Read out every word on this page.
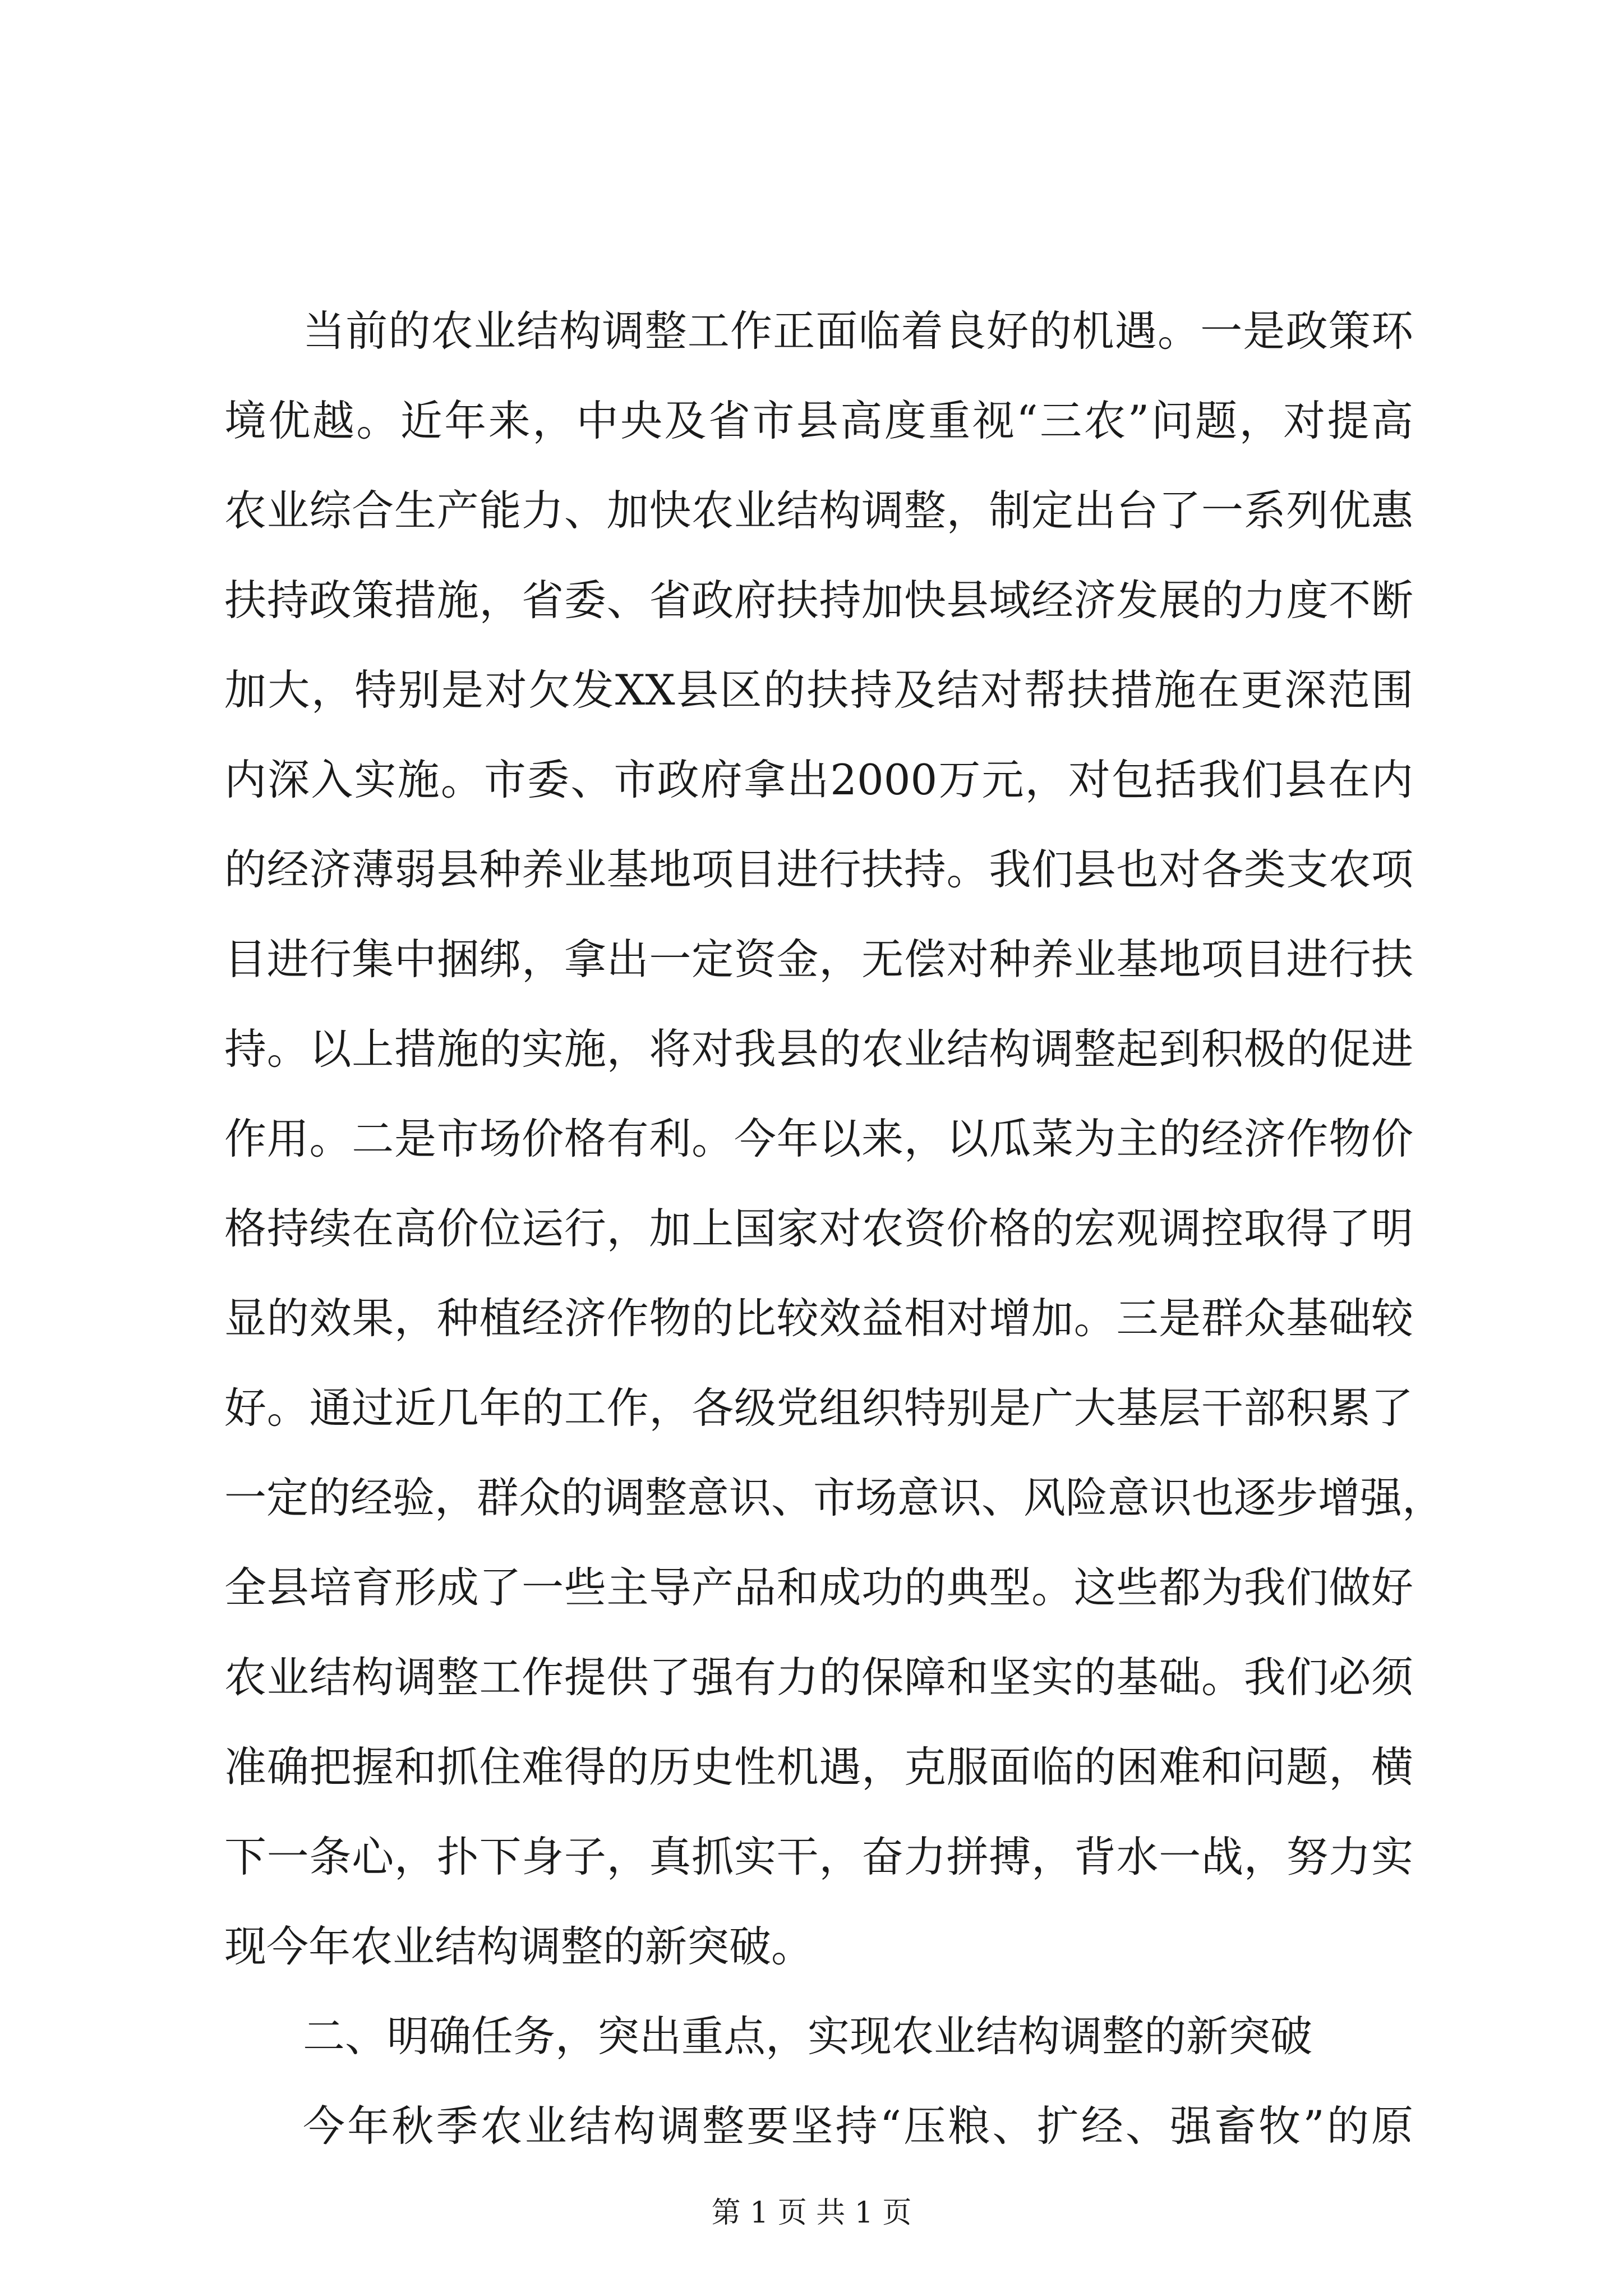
当前的农业结构调整工作正面临着良好的机遇。一是政策环
境优越。近年来，中央及省市县高度重视“三农”问题，对提高
农业综合生产能力、加快农业结构调整，制定出台了一系列优惠
扶持政策措施，省委、省政府扶持加快县域经济发展的力度不断
加大，特别是对欠发XX县区的扶持及结对帮扶措施在更深范围
内深入实施。市委、市政府拿出2000万元，对包括我们县在内
的经济薄弱县种养业基地项目进行扶持。我们县也对各类支农项
目进行集中捆绑，拿出一定资金，无偿对种养业基地项目进行扶
持。以上措施的实施，将对我县的农业结构调整起到积极的促进
作用。二是市场价格有利。今年以来，以瓜菜为主的经济作物价
格持续在高价位运行，加上国家对农资价格的宏观调控取得了明
显的效果，种植经济作物的比较效益相对增加。三是群众基础较
好。通过近几年的工作，各级党组织特别是广大基层干部积累了
一定的经验，群众的调整意识、市场意识、风险意识也逐步增强，
全县培育形成了一些主导产品和成功的典型。这些都为我们做好
农业结构调整工作提供了强有力的保障和坚实的基础。我们必须
准确把握和抓住难得的历史性机遇，克服面临的困难和问题，横
下一条心，扑下身子，真抓实干，奋力拼搏，背水一战，努力实
现今年农业结构调整的新突破。
二、明确任务，突出重点，实现农业结构调整的新突破
今年秋季农业结构调整要坚持“压粮、扩经、强畜牧”的原
第 1 页 共 1 页
